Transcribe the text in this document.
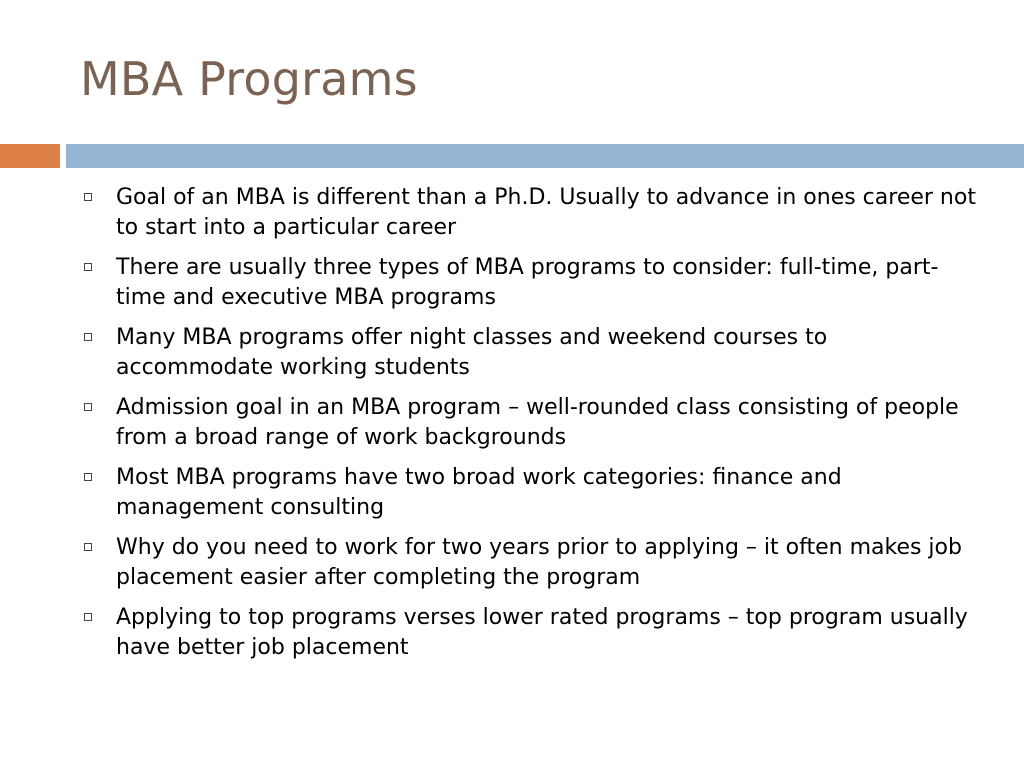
MBA Programs
Goal of an MBA is different than a Ph.D. Usually to advance in ones career not to start into a particular career
There are usually three types of MBA programs to consider: full-time, part-time and executive MBA programs
Many MBA programs offer night classes and weekend courses to accommodate working students
Admission goal in an MBA program – well-rounded class consisting of people from a broad range of work backgrounds
Most MBA programs have two broad work categories: finance and management consulting
Why do you need to work for two years prior to applying – it often makes job placement easier after completing the program
Applying to top programs verses lower rated programs – top program usually have better job placement
